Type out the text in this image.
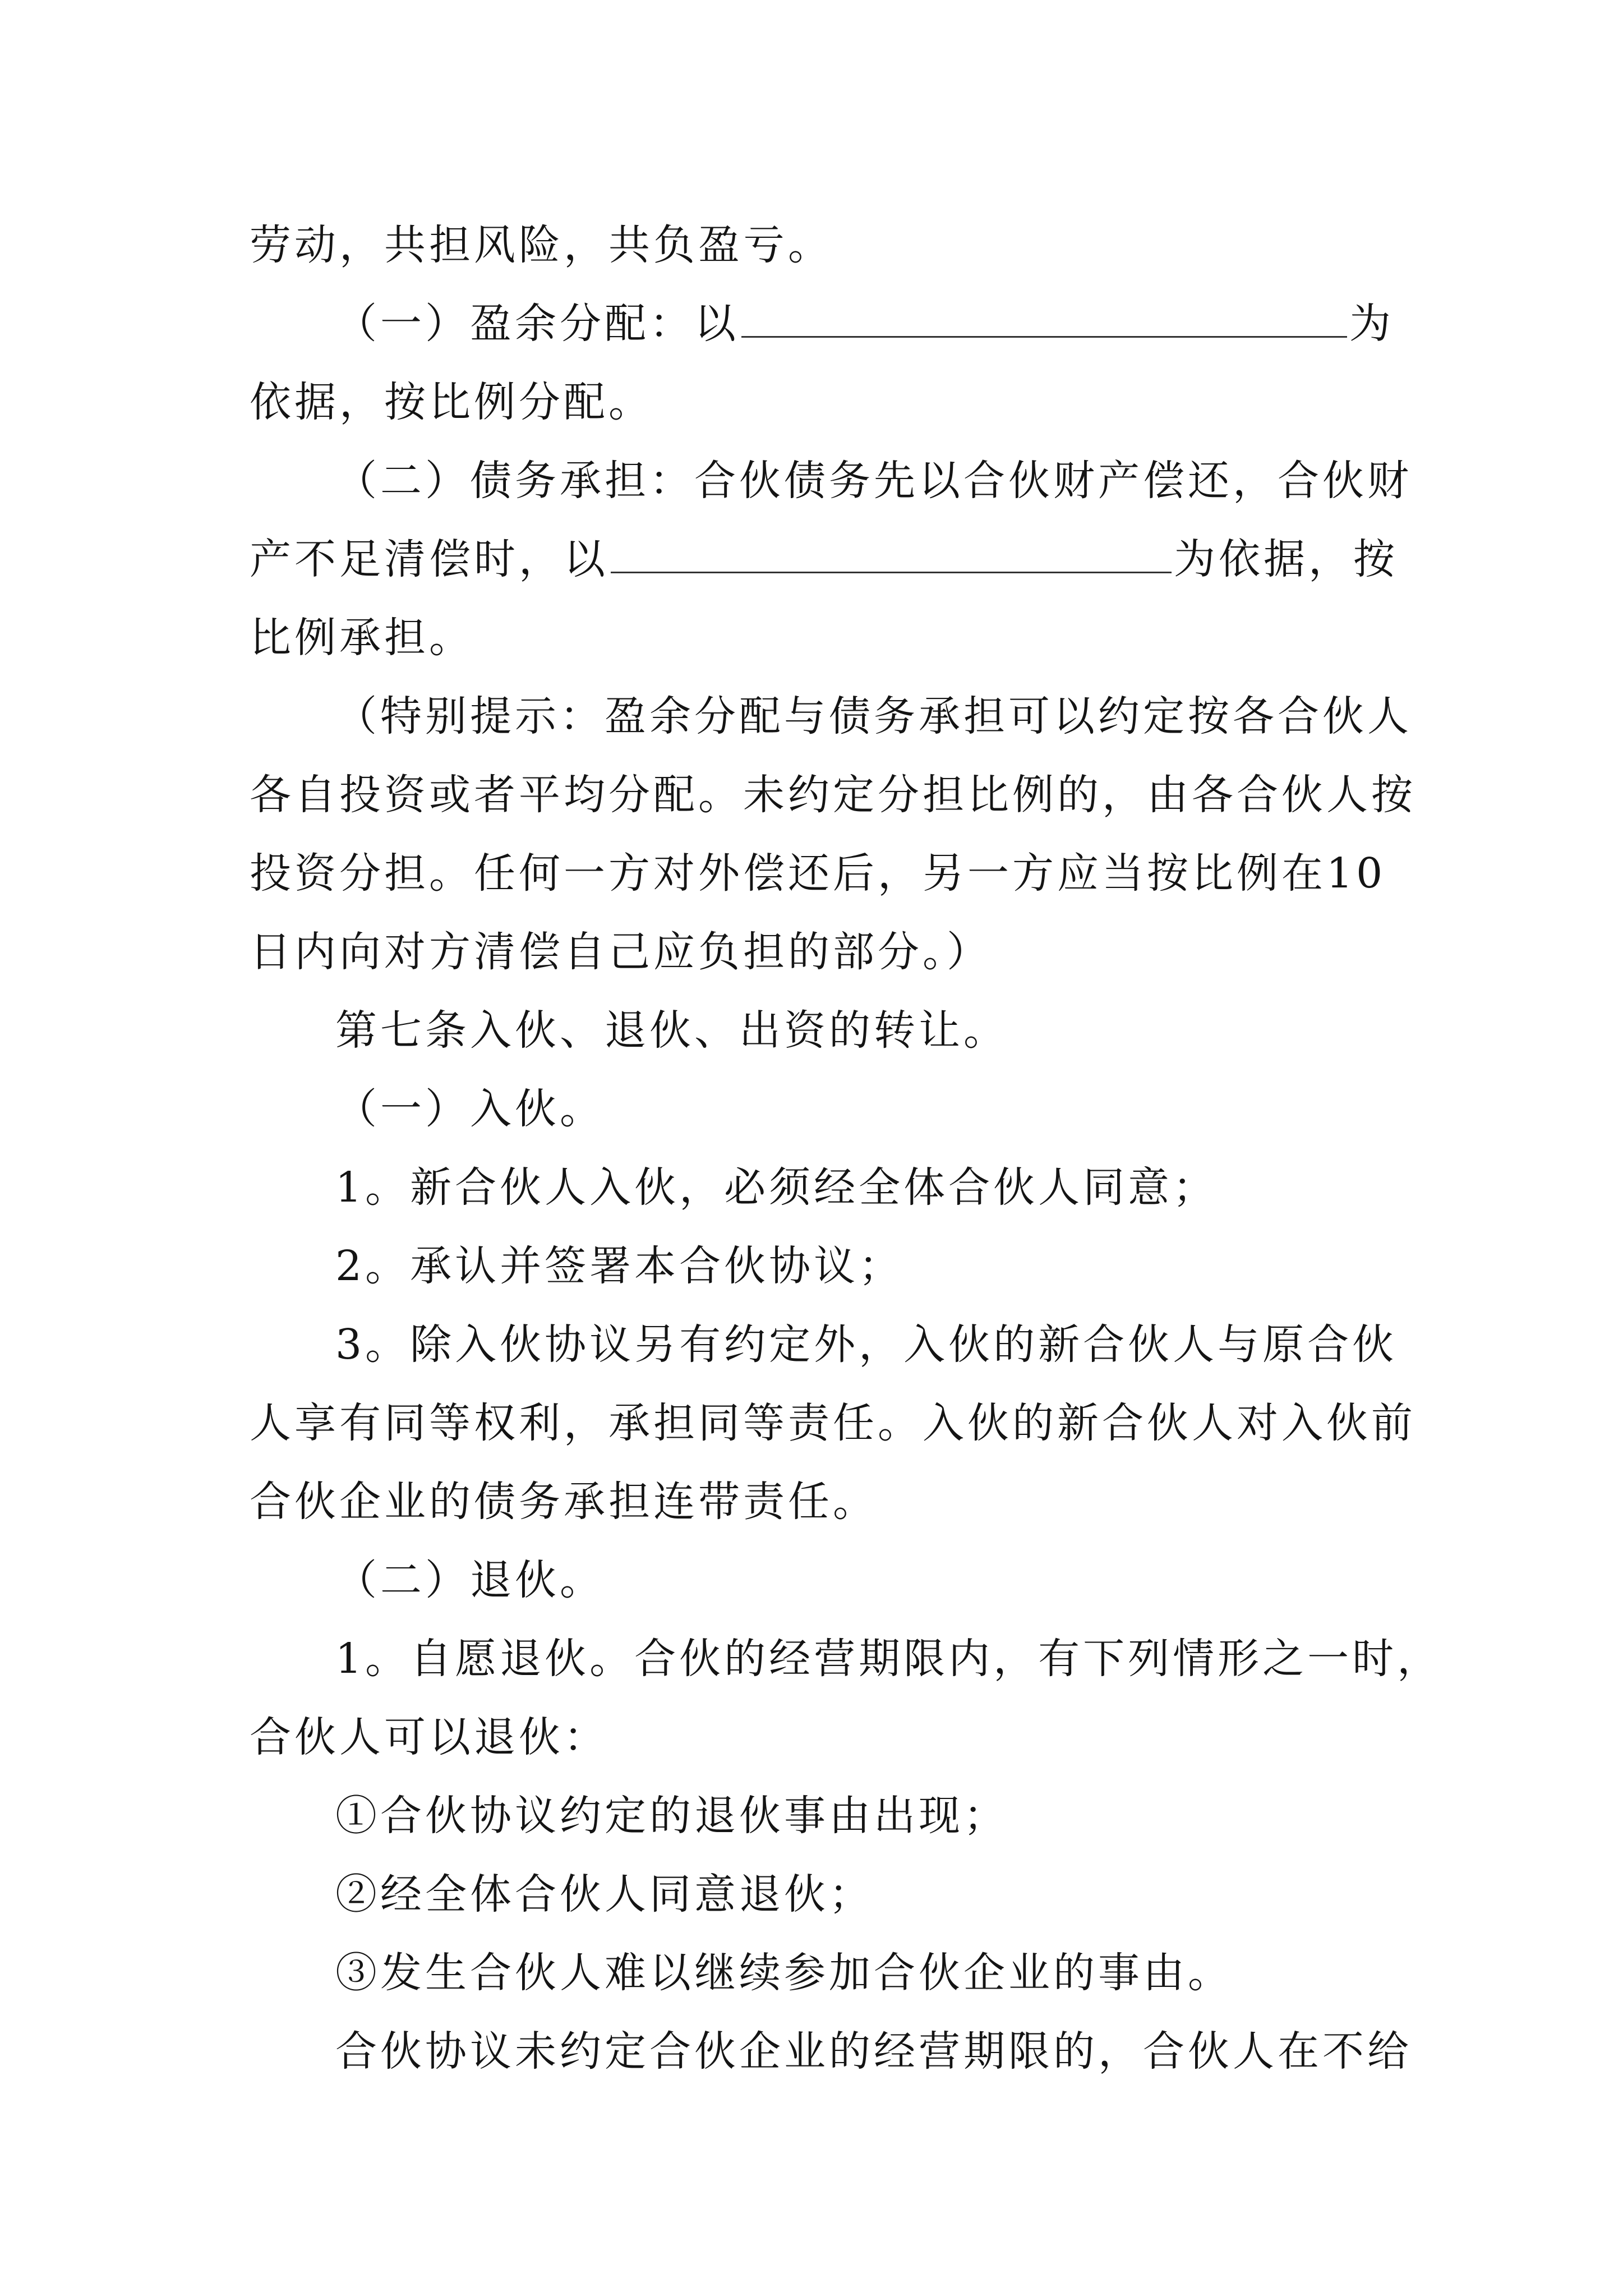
劳动，共担风险，共负盈亏。
（一）盈余分配：以	为
依据，按比例分配。
（二）债务承担：合伙债务先以合伙财产偿还，合伙财
产不足清偿时，以	为依据，按
比例承担。
（特别提示：盈余分配与债务承担可以约定按各合伙人
各自投资或者平均分配。未约定分担比例的，由各合伙人按
投资分担。任何一方对外偿还后，另一方应当按比例在10
日内向对方清偿自己应负担的部分。）
第七条入伙、退伙、出资的转让。
（一）入伙。
1。新合伙人入伙，必须经全体合伙人同意；
2。承认并签署本合伙协议；
3。除入伙协议另有约定外，入伙的新合伙人与原合伙
人享有同等权利，承担同等责任。入伙的新合伙人对入伙前
合伙企业的债务承担连带责任。
（二）退伙。
1。自愿退伙。合伙的经营期限内，有下列情形之一时，
合伙人可以退伙：
①合伙协议约定的退伙事由出现；
②经全体合伙人同意退伙；
③发生合伙人难以继续参加合伙企业的事由。
合伙协议未约定合伙企业的经营期限的，合伙人在不给
